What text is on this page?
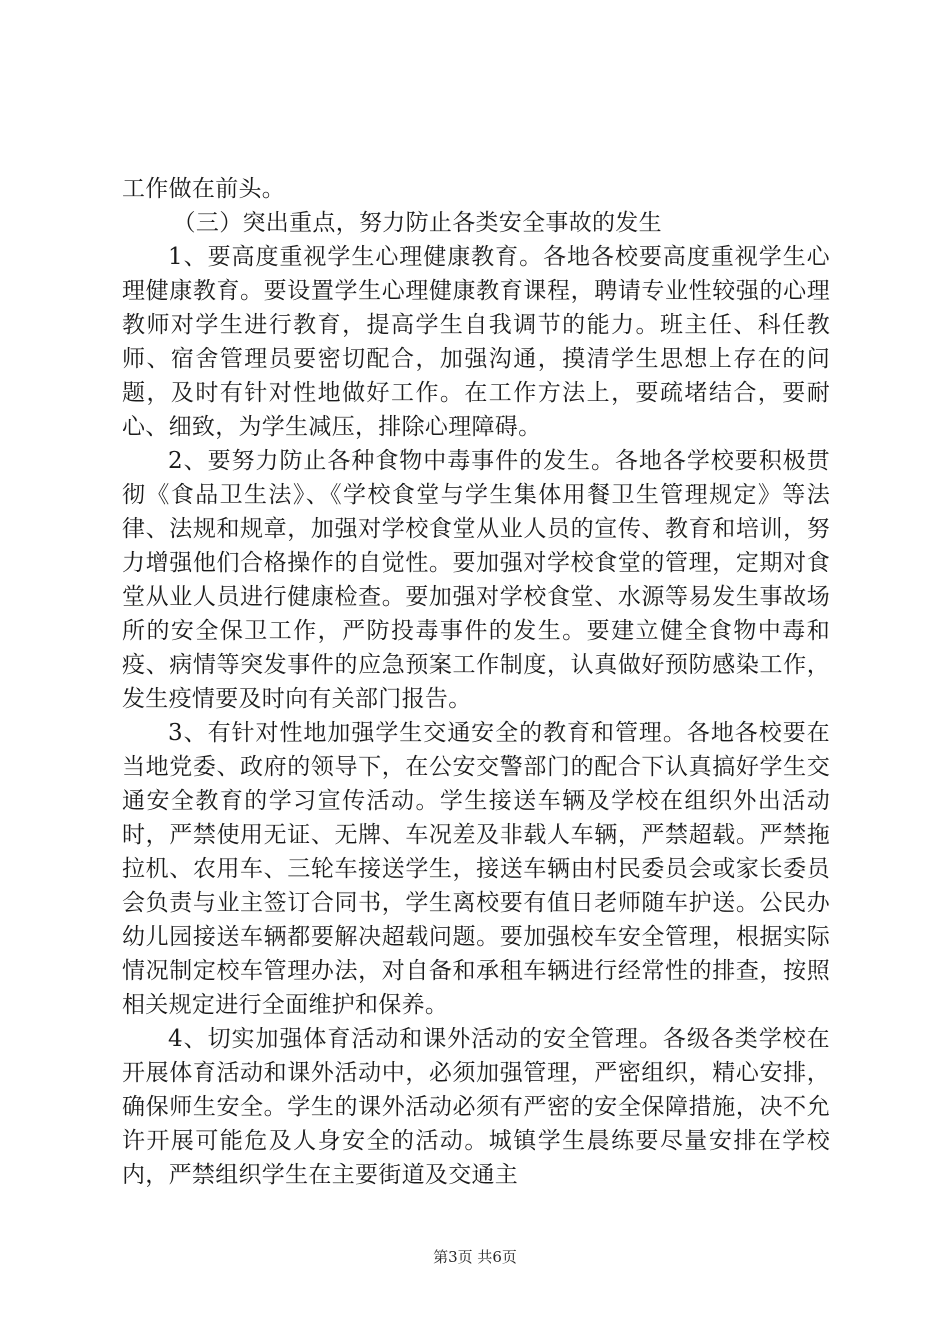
工作做在前头。

（三）突出重点，努力防止各类安全事故的发生

1、要高度重视学生心理健康教育。各地各校要高度重视学生心理健康教育。要设置学生心理健康教育课程，聘请专业性较强的心理教师对学生进行教育，提高学生自我调节的能力。班主任、科任教师、宿舍管理员要密切配合，加强沟通，摸清学生思想上存在的问题，及时有针对性地做好工作。在工作方法上，要疏堵结合，要耐心、细致，为学生减压，排除心理障碍。

2、要努力防止各种食物中毒事件的发生。各地各学校要积极贯彻《食品卫生法》、《学校食堂与学生集体用餐卫生管理规定》等法律、法规和规章，加强对学校食堂从业人员的宣传、教育和培训，努力增强他们合格操作的自觉性。要加强对学校食堂的管理，定期对食堂从业人员进行健康检查。要加强对学校食堂、水源等易发生事故场所的安全保卫工作，严防投毒事件的发生。要建立健全食物中毒和疫、病情等突发事件的应急预案工作制度，认真做好预防感染工作，发生疫情要及时向有关部门报告。

3、有针对性地加强学生交通安全的教育和管理。各地各校要在当地党委、政府的领导下，在公安交警部门的配合下认真搞好学生交通安全教育的学习宣传活动。学生接送车辆及学校在组织外出活动时，严禁使用无证、无牌、车况差及非载人车辆，严禁超载。严禁拖拉机、农用车、三轮车接送学生，接送车辆由村民委员会或家长委员会负责与业主签订合同书，学生离校要有值日老师随车护送。公民办幼儿园接送车辆都要解决超载问题。要加强校车安全管理，根据实际情况制定校车管理办法，对自备和承租车辆进行经常性的排查，按照相关规定进行全面维护和保养。

4、切实加强体育活动和课外活动的安全管理。各级各类学校在开展体育活动和课外活动中，必须加强管理，严密组织，精心安排，确保师生安全。学生的课外活动必须有严密的安全保障措施，决不允许开展可能危及人身安全的活动。城镇学生晨练要尽量安排在学校内，严禁组织学生在主要街道及交通主

第3页 共6页
